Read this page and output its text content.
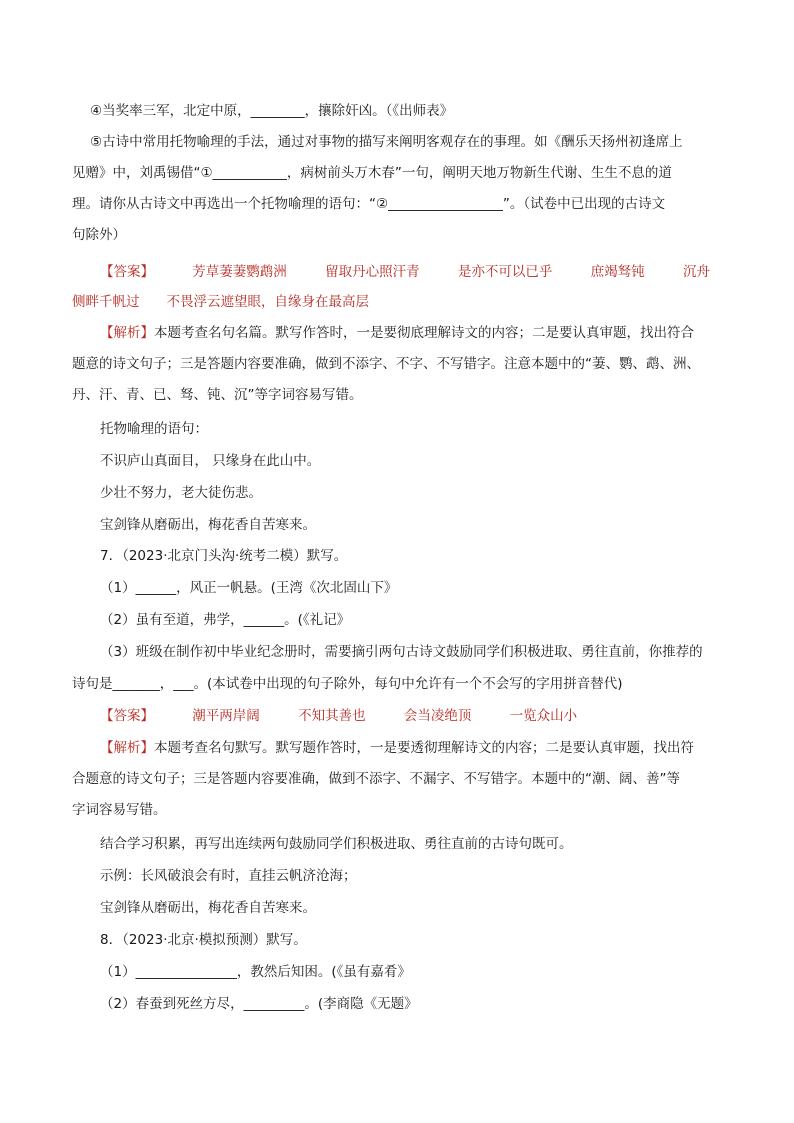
④当奖率三军，北定中原，________，攘除奸凶。（《出师表》
⑤古诗中常用托物喻理的手法，通过对事物的描写来阐明客观存在的事理。如《酬乐天扬州初逢席上
见赠》中，刘禹锡借“①___________，病树前头万木春”一句，阐明天地万物新生代谢、生生不息的道
理。请你从古诗文中再选出一个托物喻理的语句：“②_________________”。（试卷中已出现的古诗文
句除外）
【答案】	芳草萋萋鹦鹉洲	留取丹心照汗青	是亦不可以已乎	庶竭驽钝	沉舟
侧畔千帆过　　不畏浮云遮望眼，自缘身在最高层
【解析】本题考查名句名篇。默写作答时，一是要彻底理解诗文的内容；二是要认真审题，找出符合
题意的诗文句子；三是答题内容要准确，做到不添字、不字、不写错字。注意本题中的“萋、鹦、鹉、洲、
丹、汗、青、已、驽、钝、沉”等字词容易写错。
托物喻理的语句：
不识庐山真面目， 只缘身在此山中。
少壮不努力，老大徒伤悲。
宝剑锋从磨砺出，梅花香自苦寒来。
7．（2023·北京门头沟·统考二模）默写。
（1）______，风正一帆悬。(王湾《次北固山下》
（2）虽有至道，弗学，______。(《礼记》
（3）班级在制作初中毕业纪念册时，需要摘引两句古诗文鼓励同学们积极进取、勇往直前，你推荐的
诗句是_______，___。(本试卷中出现的句子除外，每句中允许有一个不会写的字用拼音替代)
【答案】	潮平两岸阔	不知其善也	会当凌绝顶	一览众山小
【解析】本题考查名句默写。默写题作答时，一是要透彻理解诗文的内容；二是要认真审题，找出符
合题意的诗文句子；三是答题内容要准确，做到不添字、不漏字、不写错字。本题中的“潮、阔、善”等
字词容易写错。
结合学习积累，再写出连续两句鼓励同学们积极进取、勇往直前的古诗句既可。
示例：长风破浪会有时，直挂云帆济沧海；
宝剑锋从磨砺出，梅花香自苦寒来。
8．（2023·北京·模拟预测）默写。
（1）_______________，教然后知困。(《虽有嘉肴》
（2）春蚕到死丝方尽，_________。(李商隐《无题》
